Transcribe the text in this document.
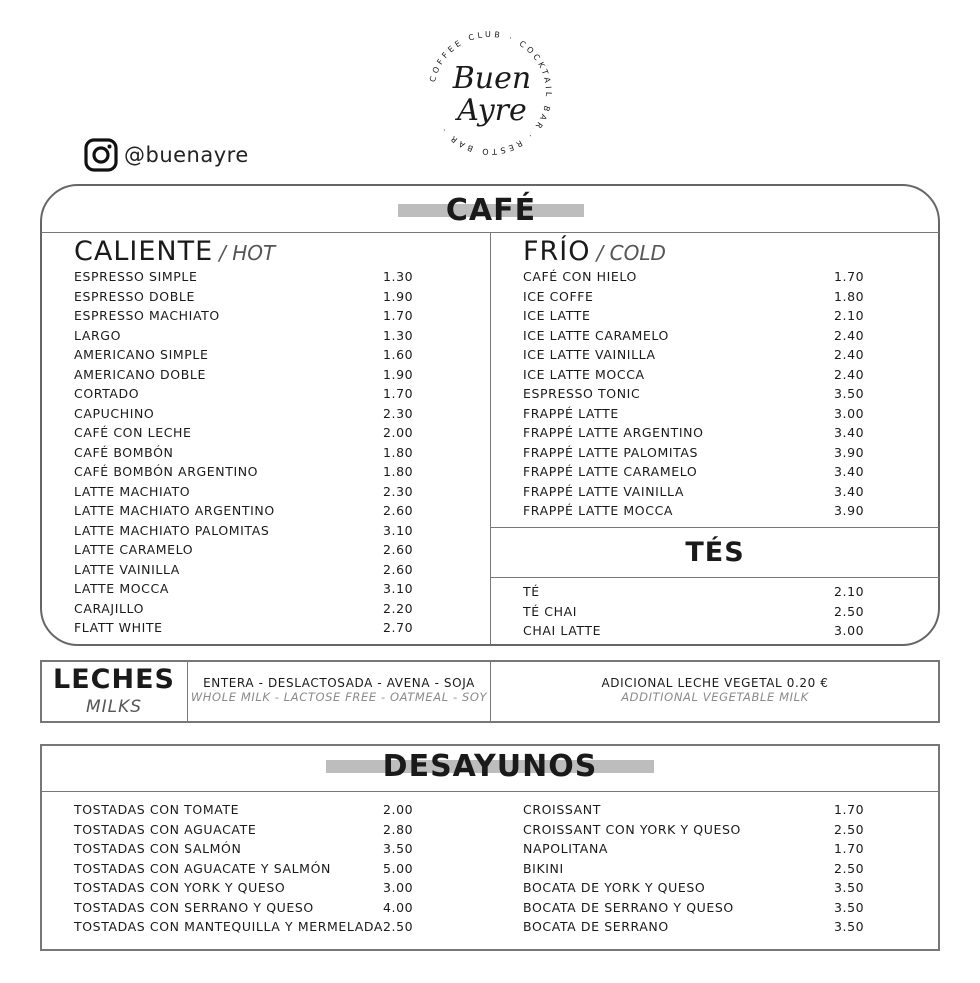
COFFEE CLUB · COCKTAIL BAR · RESTO BAR ·
Buen
Ayre
@buenayre
CAFÉ
CALIENTE / HOT
ESPRESSO SIMPLE	1.30
ESPRESSO DOBLE	1.90
ESPRESSO MACHIATO	1.70
LARGO	1.30
AMERICANO SIMPLE	1.60
AMERICANO DOBLE	1.90
CORTADO	1.70
CAPUCHINO	2.30
CAFÉ CON LECHE	2.00
CAFÉ BOMBÓN	1.80
CAFÉ BOMBÓN ARGENTINO	1.80
LATTE MACHIATO	2.30
LATTE MACHIATO ARGENTINO	2.60
LATTE MACHIATO PALOMITAS	3.10
LATTE CARAMELO	2.60
LATTE VAINILLA	2.60
LATTE MOCCA	3.10
CARAJILLO	2.20
FLATT WHITE	2.70
FRÍO / COLD
CAFÉ CON HIELO	1.70
ICE COFFE	1.80
ICE LATTE	2.10
ICE LATTE CARAMELO	2.40
ICE LATTE VAINILLA	2.40
ICE LATTE MOCCA	2.40
ESPRESSO TONIC	3.50
FRAPPÉ LATTE	3.00
FRAPPÉ LATTE ARGENTINO	3.40
FRAPPÉ LATTE PALOMITAS	3.90
FRAPPÉ LATTE CARAMELO	3.40
FRAPPÉ LATTE VAINILLA	3.40
FRAPPÉ LATTE MOCCA	3.90
TÉS
TÉ	2.10
TÉ CHAI	2.50
CHAI LATTE	3.00
LECHES
MILKS
ENTERA - DESLACTOSADA - AVENA - SOJA
WHOLE MILK - LACTOSE FREE - OATMEAL - SOY
ADICIONAL LECHE VEGETAL 0.20 €
ADDITIONAL VEGETABLE MILK
DESAYUNOS
TOSTADAS CON TOMATE	2.00
TOSTADAS CON AGUACATE	2.80
TOSTADAS CON SALMÓN	3.50
TOSTADAS CON AGUACATE Y SALMÓN	5.00
TOSTADAS CON YORK Y QUESO	3.00
TOSTADAS CON SERRANO Y QUESO	4.00
TOSTADAS CON MANTEQUILLA Y MERMELADA 2.50
CROISSANT	1.70
CROISSANT CON YORK Y QUESO	2.50
NAPOLITANA	1.70
BIKINI	2.50
BOCATA DE YORK Y QUESO	3.50
BOCATA DE SERRANO Y QUESO	3.50
BOCATA DE SERRANO	3.50
